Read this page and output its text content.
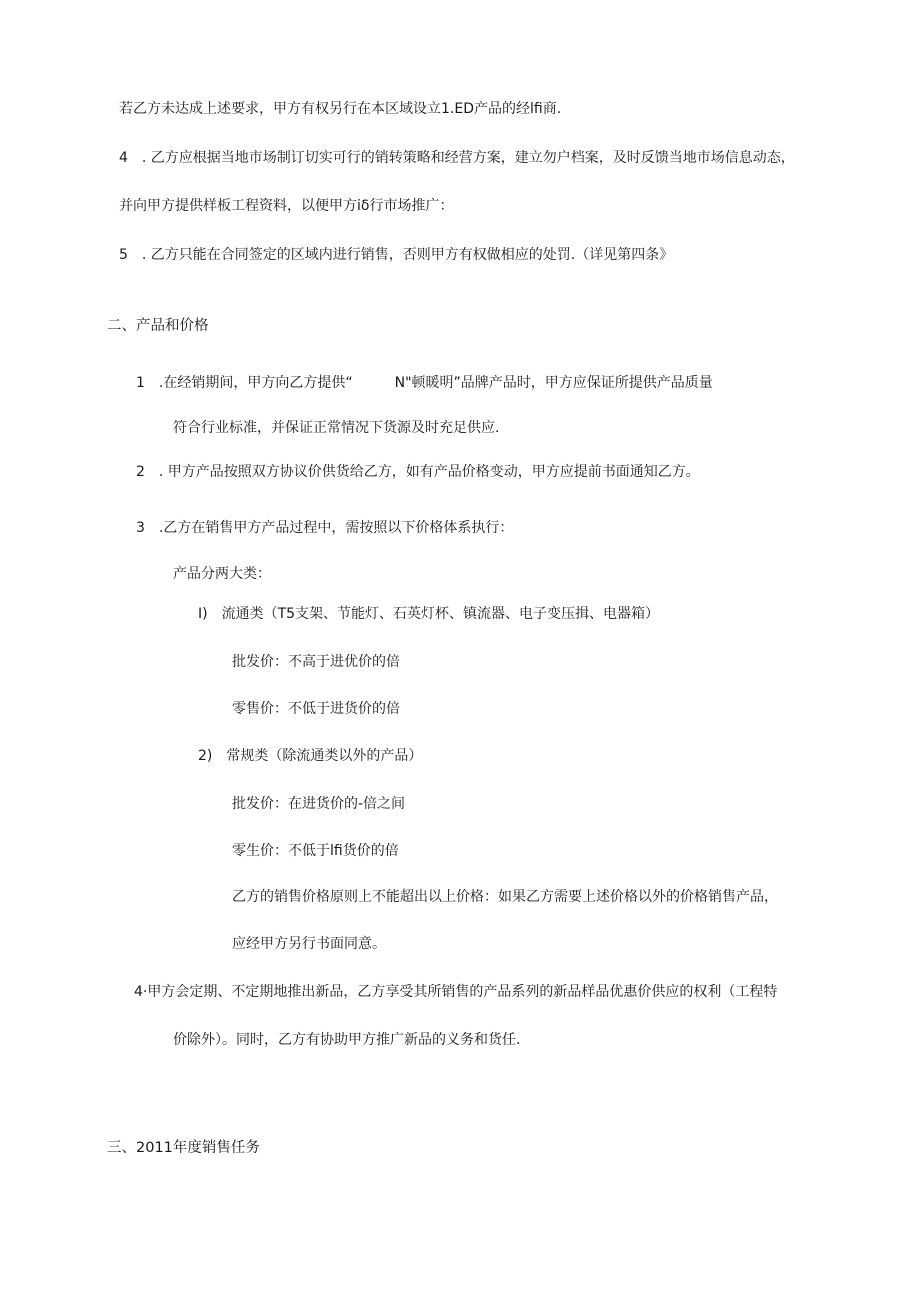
若乙方未达成上述要求，甲方有权另行在本区域设立1.ED产品的经lfi商.
4　. 乙方应根据当地市场制订切实可行的销转策略和经营方案，建立勿户档案，及时反馈当地市场信息动态，
并向甲方提供样板工程资料，以便甲方iδ行市场推广：
5　. 乙方只能在合同签定的区域内进行销售，否则甲方有权做相应的处罚.（详见第四条》
二、产品和价格
1　.在经销期间，甲方向乙方提供“　　　N"顿暖明”品牌产品时，甲方应保证所提供产品质量
符合行业标准，并保证正常情况下货源及时充足供应.
2　. 甲方产品按照双方协议价供货给乙方，如有产品价格变动，甲方应提前书面通知乙方。
3　.乙方在销售甲方产品过程中，需按照以下价格体系执行：
产品分两大类：
I)　流通类（T5支架、节能灯、石英灯杯、镇流器、电子变压揖、电器箱）
批发价：不高于进优价的倍
零售价：不低于进货价的倍
2)　常规类（除流通类以外的产品）
批发价：在进货价的-倍之间
零生价：不低于lfi货价的倍
乙方的销售价格原则上不能超出以上价格：如果乙方需要上述价格以外的价格销售产品，
应经甲方另行书面同意。
4·甲方会定期、不定期地推出新品，乙方享受其所销售的产品系列的新品样品优惠价供应的权利（工程特
价除外）。同时，乙方有协助甲方推广新品的义务和货任.
三、2011年度销售任务
